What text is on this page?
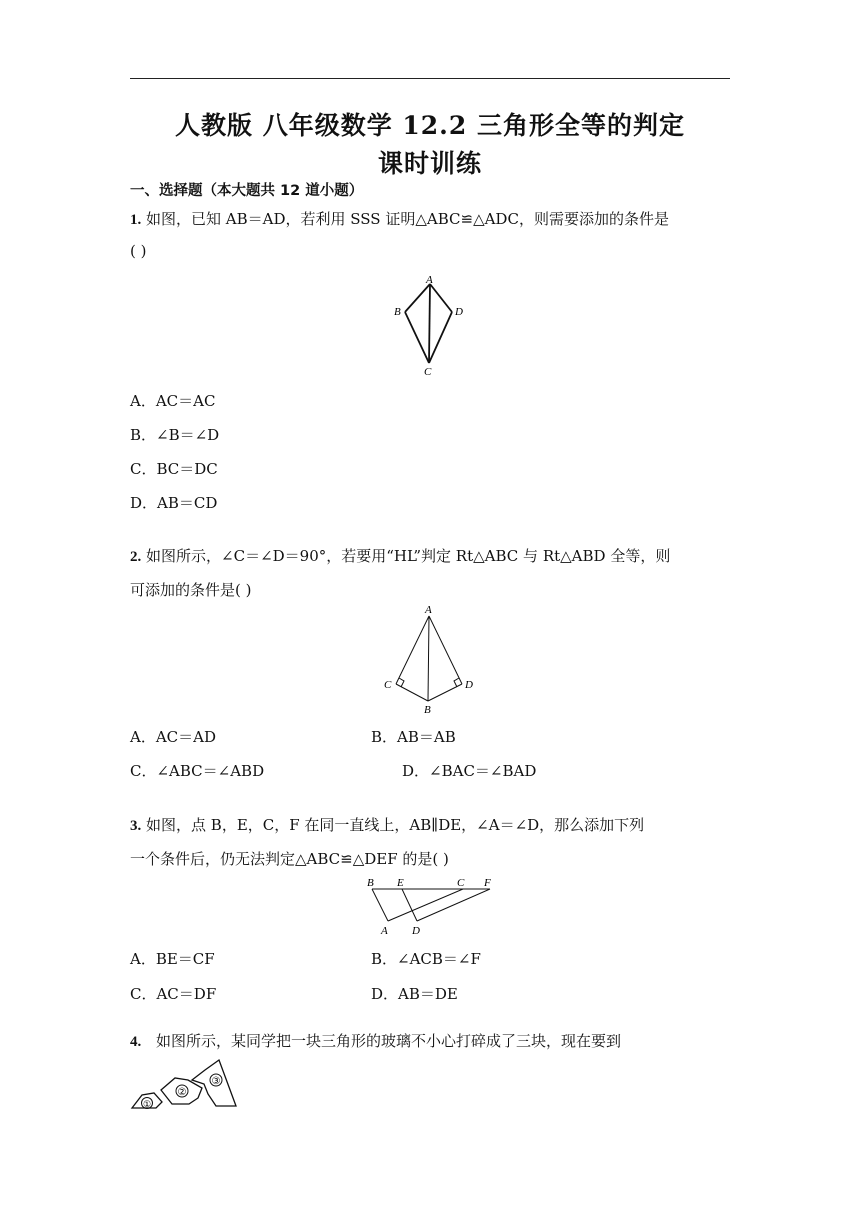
人教版 八年级数学 12.2 三角形全等的判定
课时训练
一、选择题（本大题共 12 道小题）
1. 如图，已知 AB＝AD，若利用 SSS 证明△ABC≌△ADC，则需要添加的条件是
( )
A
B	D
C
A．AC＝AC
B．∠B＝∠D
C．BC＝DC
D．AB＝CD
2. 如图所示，∠C＝∠D＝90°，若要用“HL”判定 Rt△ABC 与 Rt△ABD 全等，则
可添加的条件是( )
A
C	D
B
A．AC＝AD	B．AB＝AB
C．∠ABC＝∠ABD	D．∠BAC＝∠BAD
3. 如图，点 B，E，C，F 在同一直线上，AB∥DE，∠A＝∠D，那么添加下列
一个条件后，仍无法判定△ABC≌△DEF 的是( )
B E	C F
A D
A．BE＝CF	B．∠ACB＝∠F
C．AC＝DF	D．AB＝DE
4. 如图所示，某同学把一块三角形的玻璃不小心打碎成了三块，现在要到
①
②
③
